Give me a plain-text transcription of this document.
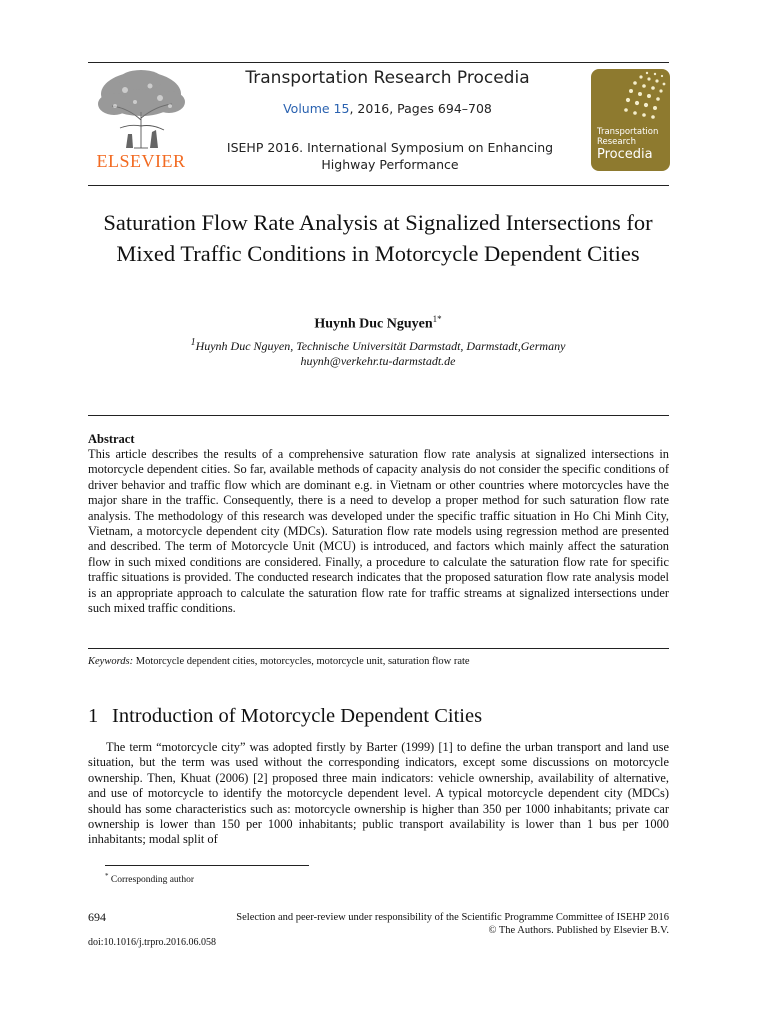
ELSEVIER
Transportation Research Procedia
Volume 15, 2016, Pages 694–708
ISEHP 2016. International Symposium on Enhancing Highway Performance
Transportation
Research
Procedia
Saturation Flow Rate Analysis at Signalized Intersections for Mixed Traffic Conditions in Motorcycle Dependent Cities
Huynh Duc Nguyen$^{1*}$
$^1$Huynh Duc Nguyen, Technische Universität Darmstadt, Darmstadt,Germany
huynh@verkehr.tu-darmstadt.de
Abstract
This article describes the results of a comprehensive saturation flow rate analysis at signalized intersections in motorcycle dependent cities. So far, available methods of capacity analysis do not consider the specific conditions of driver behavior and traffic flow which are dominant e.g. in Vietnam or other countries where motorcycles have the major share in the traffic. Consequently, there is a need to develop a proper method for such saturation flow rate analysis. The methodology of this research was developed under the specific traffic situation in Ho Chi Minh City, Vietnam, a motorcycle dependent city (MDCs). Saturation flow rate models using regression method are presented and described. The term of Motorcycle Unit (MCU) is introduced, and factors which mainly affect the saturation flow in such mixed conditions are considered. Finally, a procedure to calculate the saturation flow rate for specific traffic situations is provided. The conducted research indicates that the proposed saturation flow rate analysis model is an appropriate approach to calculate the saturation flow rate for traffic streams at signalized intersections under such mixed traffic conditions.
Keywords: Motorcycle dependent cities, motorcycles, motorcycle unit, saturation flow rate
1 Introduction of Motorcycle Dependent Cities

The term “motorcycle city” was adopted firstly by Barter (1999) [1] to define the urban transport and land use situation, but the term was used without the corresponding indicators, except some discussions on motorcycle ownership. Then, Khuat (2006) [2] proposed three main indicators: vehicle ownership, availability of alternative, and use of motorcycle to identify the motorcycle dependent level. A typical motorcycle dependent city (MDCs) should has some characteristics such as: motorcycle ownership is higher than 350 per 1000 inhabitants; private car ownership is lower than 150 per 1000 inhabitants; public transport availability is lower than 1 bus per 1000 inhabitants; modal split of

* Corresponding author
694	Selection and peer-review under responsibility of the Scientific Programme Committee of ISEHP 2016
© The Authors. Published by Elsevier B.V.
doi:10.1016/j.trpro.2016.06.058
